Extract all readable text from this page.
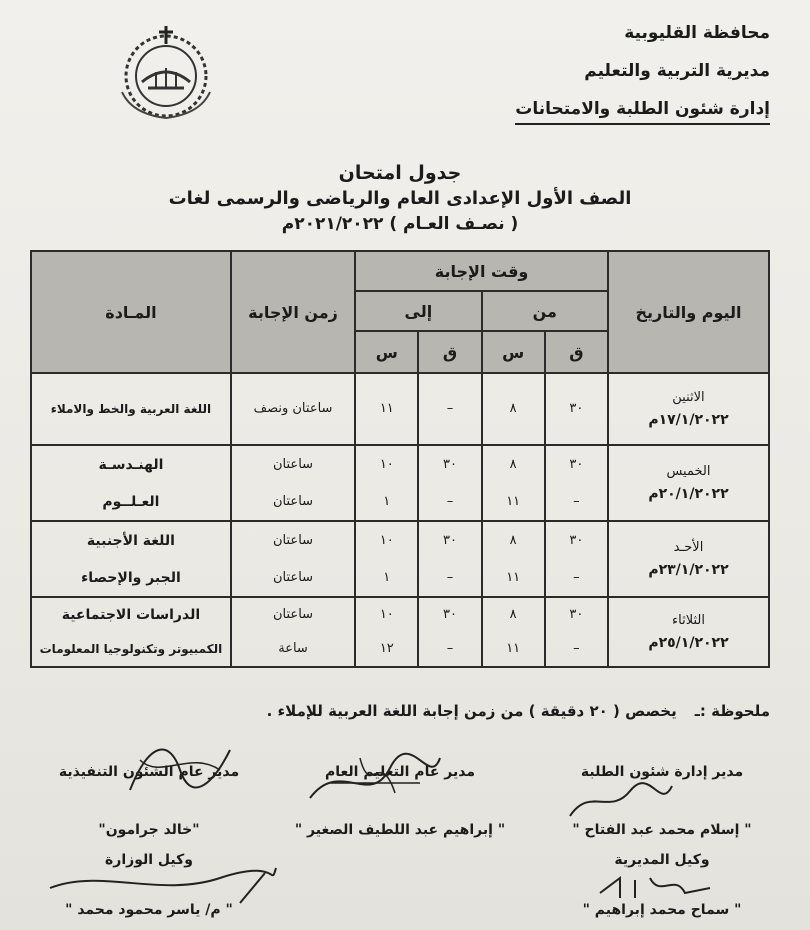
محافظة القليوبية
مديرية التربية والتعليم
إدارة شئون الطلبة والامتحانات
جدول امتحان
الصف الأول الإعدادى العام والرياضى والرسمى لغات
( نصـف العـام ) ٢٠٢١/٢٠٢٢م
اليوم والتاريخ	وقت الإجابة				زمن الإجابة	المـادة
	من		إلى			
	ق	س	ق	س		

الاثنين
١٧/١/٢٠٢٢م	٣٠	٨	–	١١	ساعتان ونصف	اللغة العربية والخط والاملاء

الخميس
٢٠/١/٢٠٢٢م	٣٠	٨	٣٠	١٠	ساعتان	الهنـدسـة
	–	١١	–	١	ساعتان	العـلــوم

الأحـد
٢٣/١/٢٠٢٢م	٣٠	٨	٣٠	١٠	ساعتان	اللغة الأجنبية
	–	١١	–	١	ساعتان	الجبر والإحصاء

الثلاثاء
٢٥/١/٢٠٢٢م	٣٠	٨	٣٠	١٠	ساعتان	الدراسات الاجتماعية
	–	١١	–	١٢	ساعة	الكمبيوتر وتكنولوجيا المعلومات
ملحوظة :ـ يخصص ( ٢٠ دقيقة ) من زمن إجابة اللغة العربية للإملاء .
مدير إدارة شئون الطلبة
" إسلام محمد عبد الفتاح "
مدير عام التعليم العام
" إبراهيم عبد اللطيف الصغير "
مدير عام الشئون التنفيذية
"خالد جرامون"
وكيل المديرية
" سماح محمد إبراهيم "
وكيل الوزارة
" م/ ياسر محمود محمد "
